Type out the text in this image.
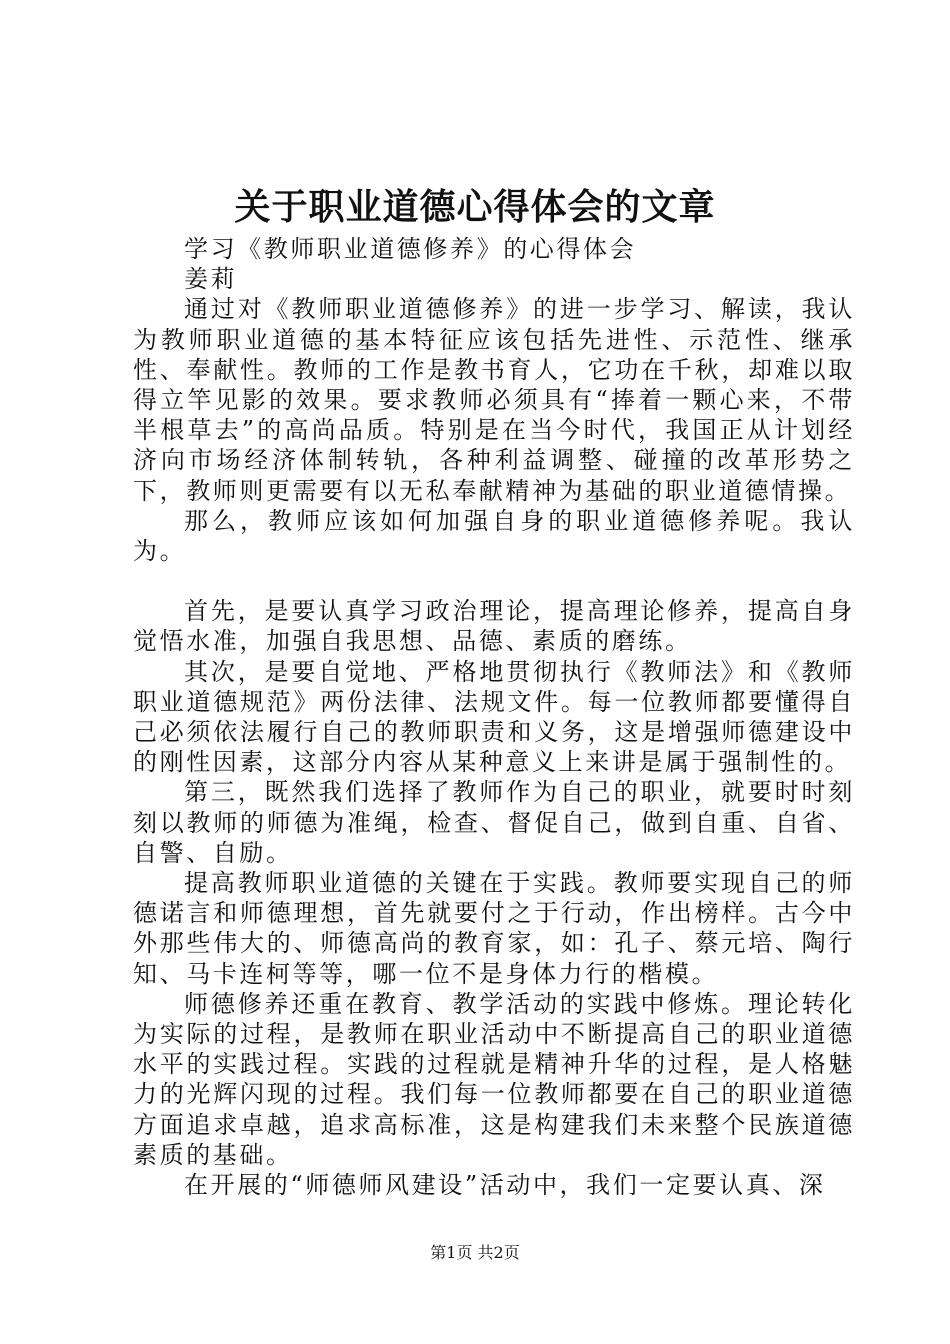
关于职业道德心得体会的文章

学习《教师职业道德修养》的心得体会

姜莉

通过对《教师职业道德修养》的进一步学习、解读，我认为教师职业道德的基本特征应该包括先进性、示范性、继承性、奉献性。教师的工作是教书育人，它功在千秋，却难以取得立竿见影的效果。要求教师必须具有“捧着一颗心来，不带半根草去”的高尚品质。特别是在当今时代，我国正从计划经济向市场经济体制转轨，各种利益调整、碰撞的改革形势之下，教师则更需要有以无私奉献精神为基础的职业道德情操。

那么，教师应该如何加强自身的职业道德修养呢。我认为。

首先，是要认真学习政治理论，提高理论修养，提高自身觉悟水准，加强自我思想、品德、素质的磨练。

其次，是要自觉地、严格地贯彻执行《教师法》和《教师职业道德规范》两份法律、法规文件。每一位教师都要懂得自己必须依法履行自己的教师职责和义务，这是增强师德建设中的刚性因素，这部分内容从某种意义上来讲是属于强制性的。

第三，既然我们选择了教师作为自己的职业，就要时时刻刻以教师的师德为准绳，检查、督促自己，做到自重、自省、自警、自励。

提高教师职业道德的关键在于实践。教师要实现自己的师德诺言和师德理想，首先就要付之于行动，作出榜样。古今中外那些伟大的、师德高尚的教育家，如：孔子、蔡元培、陶行知、马卡连柯等等，哪一位不是身体力行的楷模。

师德修养还重在教育、教学活动的实践中修炼。理论转化为实际的过程，是教师在职业活动中不断提高自己的职业道德水平的实践过程。实践的过程就是精神升华的过程，是人格魅力的光辉闪现的过程。我们每一位教师都要在自己的职业道德方面追求卓越，追求高标准，这是构建我们未来整个民族道德素质的基础。

在开展的“师德师风建设”活动中，我们一定要认真、深

第1页 共2页
